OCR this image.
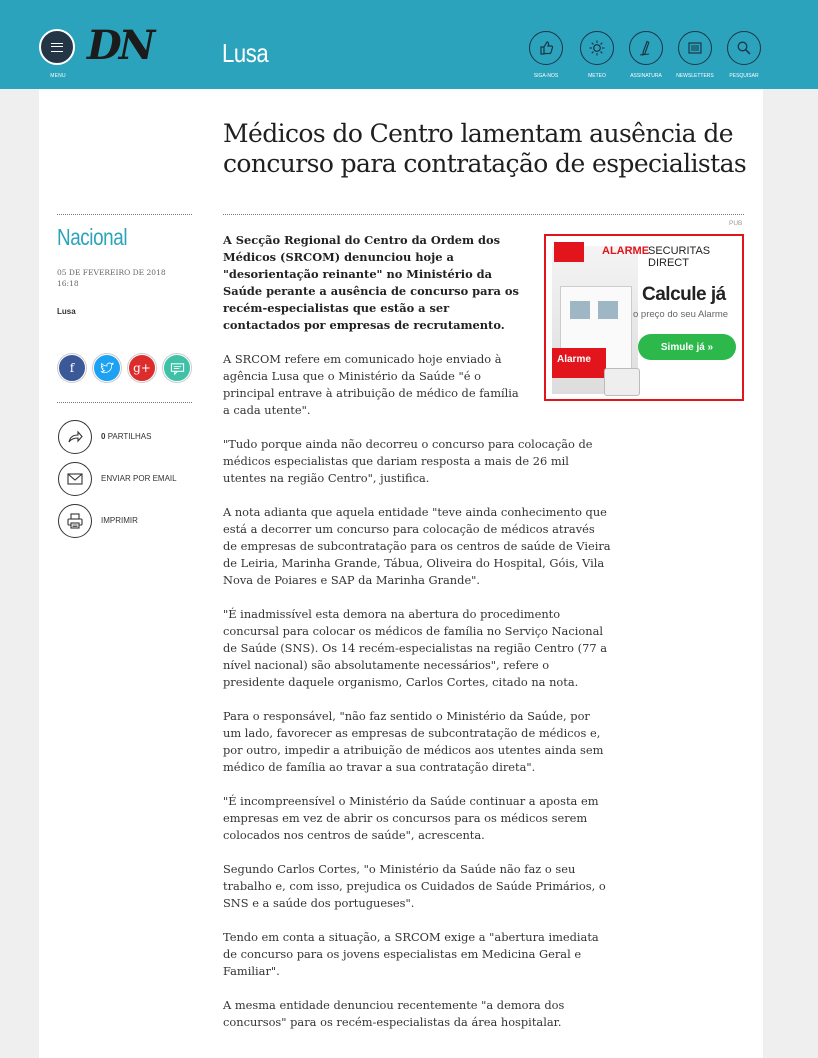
MENU
DN	Lusa
SIGA-NOS	METEO	ASSINATURA	NEWSLETTERS	PESQUISAR
Médicos do Centro lamentam ausência de concurso para contratação de especialistas
Nacional
05 DE FEVEREIRO DE 2018
16:18
Lusa
f	g+
0 PARTILHAS
ENVIAR POR EMAIL
IMPRIMIR
PUB
Alarme
ALARME
SECURITAS DIRECT
Calcule já
o preço do seu Alarme
Simule já »

A Secção Regional do Centro da Ordem dos Médicos (SRCOM) denunciou hoje a "desorientação reinante" no Ministério da Saúde perante a ausência de concurso para os recém-especialistas que estão a ser contactados por empresas de recrutamento.

A SRCOM refere em comunicado hoje enviado à agência Lusa que o Ministério da Saúde "é o principal entrave à atribuição de médico de família a cada utente".

"Tudo porque ainda não decorreu o concurso para colocação de médicos especialistas que dariam resposta a mais de 26 mil utentes na região Centro", justifica.

A nota adianta que aquela entidade "teve ainda conhecimento que está a decorrer um concurso para colocação de médicos através de empresas de subcontratação para os centros de saúde de Vieira de Leiria, Marinha Grande, Tábua, Oliveira do Hospital, Góis, Vila Nova de Poiares e SAP da Marinha Grande".

"É inadmissível esta demora na abertura do procedimento concursal para colocar os médicos de família no Serviço Nacional de Saúde (SNS). Os 14 recém-especialistas na região Centro (77 a nível nacional) são absolutamente necessários", refere o presidente daquele organismo, Carlos Cortes, citado na nota.

Para o responsável, "não faz sentido o Ministério da Saúde, por um lado, favorecer as empresas de subcontratação de médicos e, por outro, impedir a atribuição de médicos aos utentes ainda sem médico de família ao travar a sua contratação direta".

"É incompreensível o Ministério da Saúde continuar a aposta em empresas em vez de abrir os concursos para os médicos serem colocados nos centros de saúde", acrescenta.

Segundo Carlos Cortes, "o Ministério da Saúde não faz o seu trabalho e, com isso, prejudica os Cuidados de Saúde Primários, o SNS e a saúde dos portugueses".

Tendo em conta a situação, a SRCOM exige a "abertura imediata de concurso para os jovens especialistas em Medicina Geral e Familiar".

A mesma entidade denunciou recentemente "a demora dos concursos" para os recém-especialistas da área hospitalar.
